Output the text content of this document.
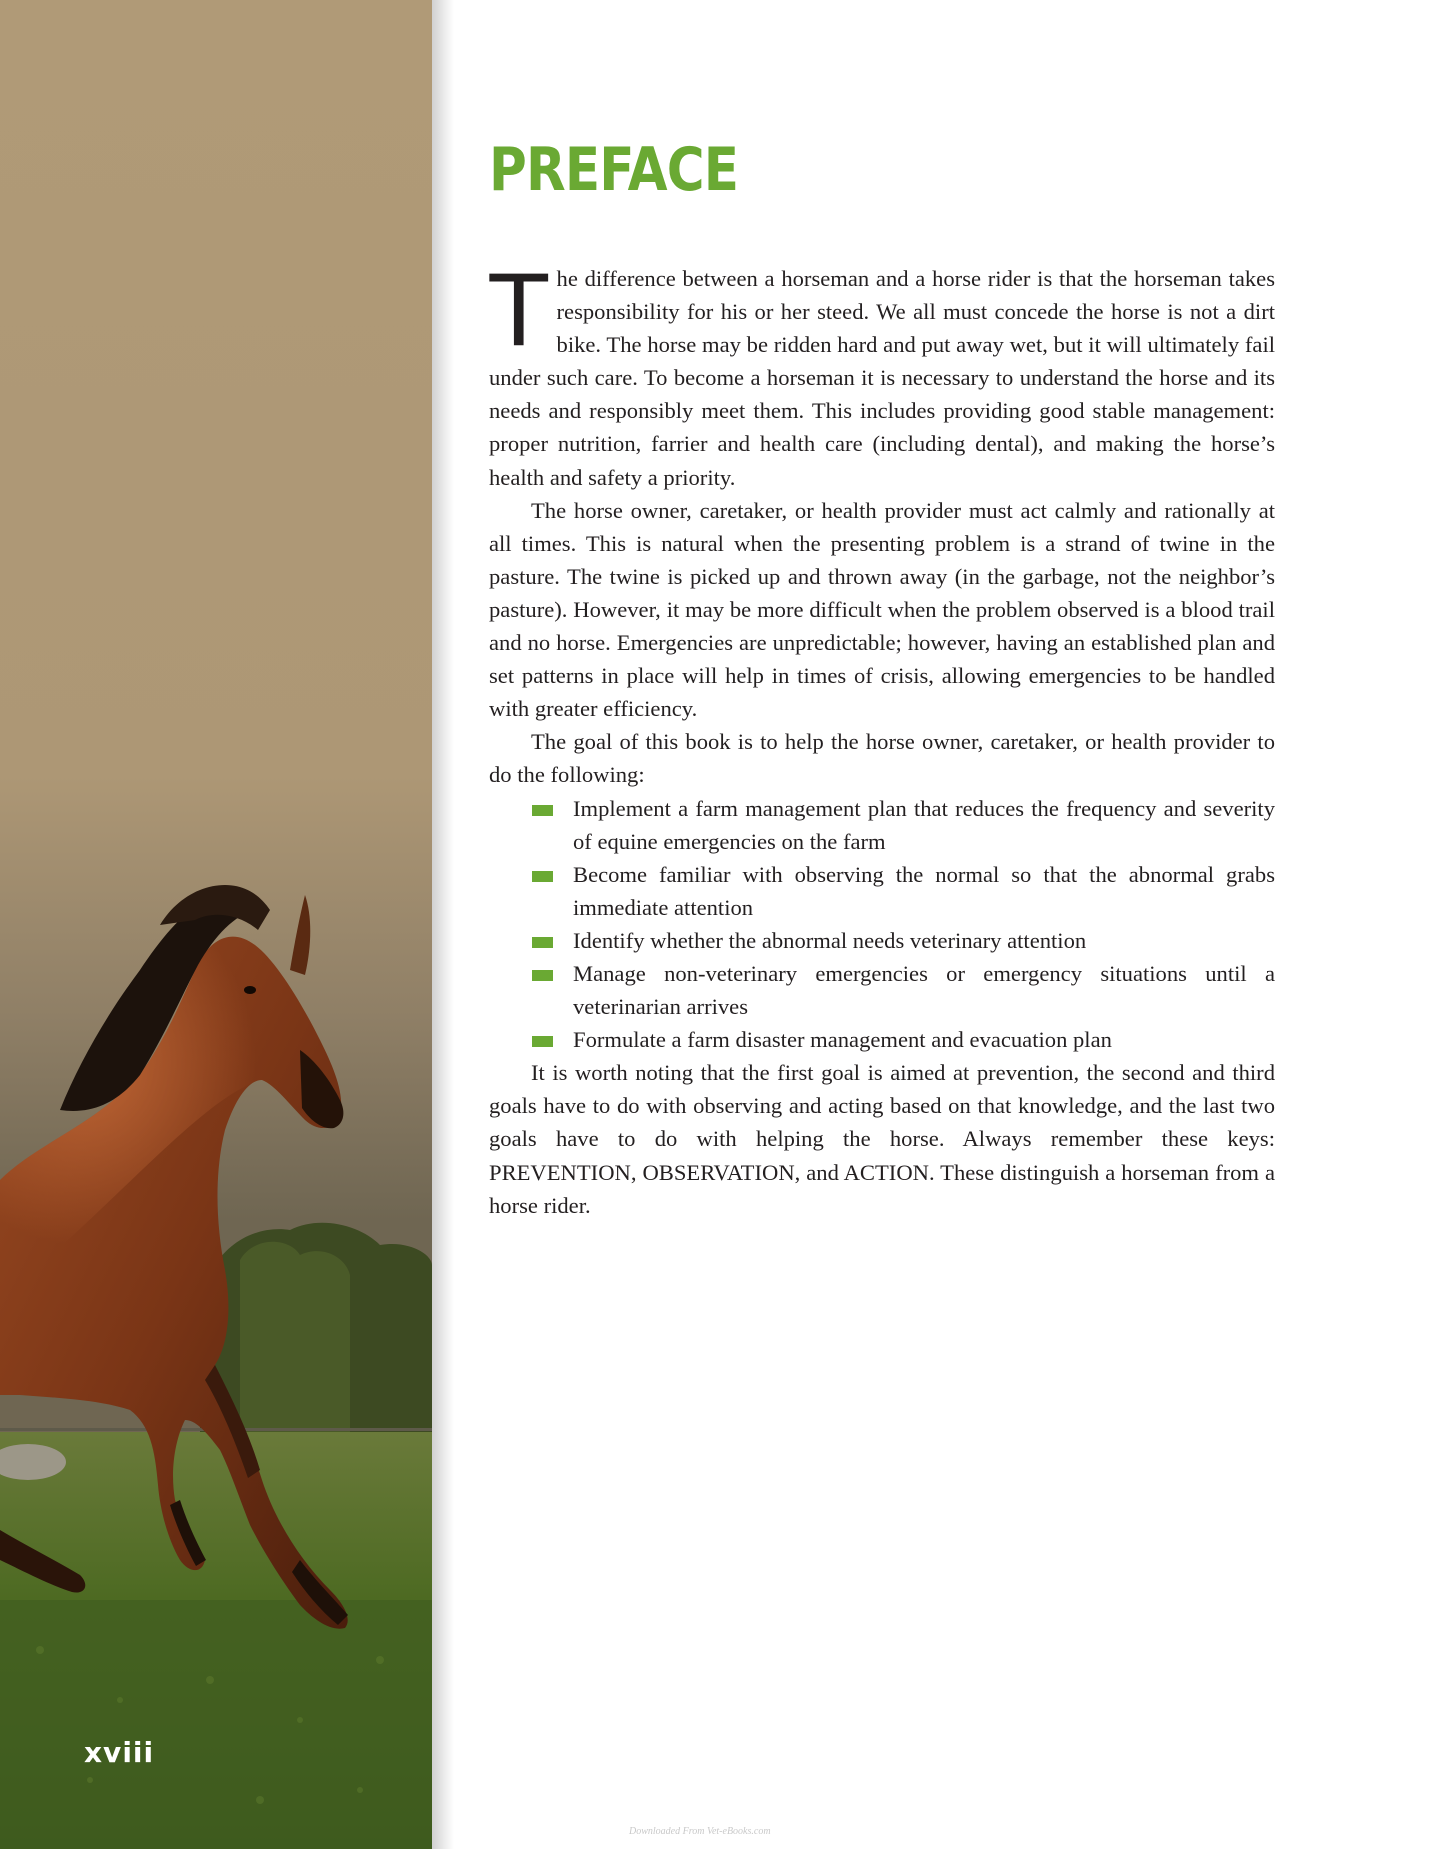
xviii
PREFACE

The difference between a horseman and a horse rider is that the horseman takes responsibility for his or her steed. We all must concede the horse is not a dirt bike. The horse may be ridden hard and put away wet, but it will ultimately fail under such care. To become a horseman it is necessary to understand the horse and its needs and responsibly meet them. This includes providing good stable management: proper nutrition, farrier and health care (including dental), and making the horse’s health and safety a priority.

The horse owner, caretaker, or health provider must act calmly and rationally at all times. This is natural when the presenting problem is a strand of twine in the pasture. The twine is picked up and thrown away (in the garbage, not the neighbor’s pasture). However, it may be more difficult when the problem observed is a blood trail and no horse. Emergencies are unpredictable; however, having an established plan and set patterns in place will help in times of crisis, allowing emergencies to be handled with greater efficiency.

The goal of this book is to help the horse owner, caretaker, or health provider to do the following:

Implement a farm management plan that reduces the frequency and severity of equine emergencies on the farm
Become familiar with observing the normal so that the abnormal grabs immediate attention
Identify whether the abnormal needs veterinary attention
Manage non-veterinary emergencies or emergency situations until a veterinarian arrives
Formulate a farm disaster management and evacuation plan

It is worth noting that the first goal is aimed at prevention, the second and third goals have to do with observing and acting based on that knowledge, and the last two goals have to do with helping the horse. Always remember these keys: PREVENTION, OBSERVATION, and ACTION. These distinguish a horseman from a horse rider.

Downloaded From Vet-eBooks.com
